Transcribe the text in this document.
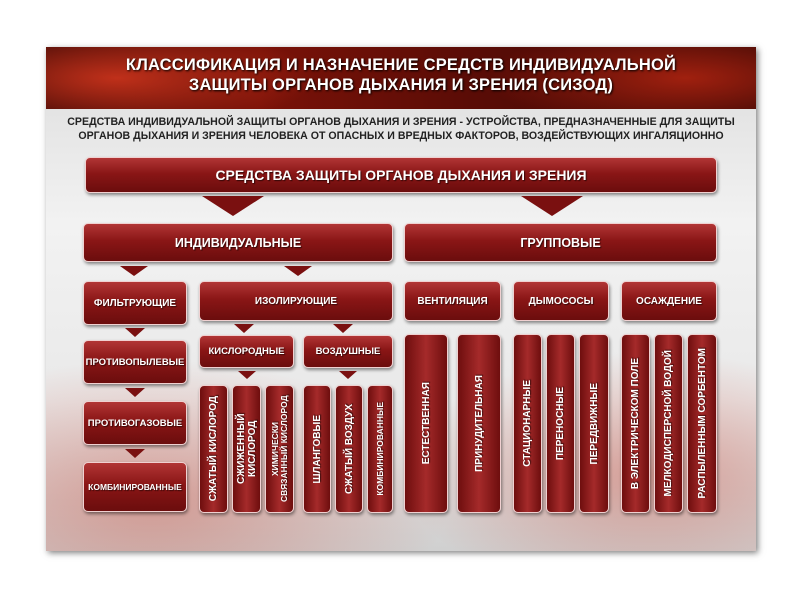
КЛАССИФИКАЦИЯ И НАЗНАЧЕНИЕ СРЕДСТВ ИНДИВИДУАЛЬНОЙ
ЗАЩИТЫ ОРГАНОВ ДЫХАНИЯ И ЗРЕНИЯ (СИЗОД)
СРЕДСТВА ИНДИВИДУАЛЬНОЙ ЗАЩИТЫ ОРГАНОВ ДЫХАНИЯ И ЗРЕНИЯ - УСТРОЙСТВА, ПРЕДНАЗНАЧЕННЫЕ ДЛЯ ЗАЩИТЫ
ОРГАНОВ ДЫХАНИЯ И ЗРЕНИЯ ЧЕЛОВЕКА ОТ ОПАСНЫХ И ВРЕДНЫХ ФАКТОРОВ, ВОЗДЕЙСТВУЮЩИХ ИНГАЛЯЦИОННО
СРЕДСТВА ЗАЩИТЫ ОРГАНОВ ДЫХАНИЯ И ЗРЕНИЯ
ИНДИВИДУАЛЬНЫЕ	ГРУППОВЫЕ
ФИЛЬТРУЮЩИЕ	ИЗОЛИРУЮЩИЕ	ВЕНТИЛЯЦИЯ	ДЫМОСОСЫ	ОСАЖДЕНИЕ
ПРОТИВОПЫЛЕВЫЕ
ПРОТИВОГАЗОВЫЕ
КОМБИНИРОВАННЫЕ
КИСЛОРОДНЫЕ	ВОЗДУШНЫЕ
СЖАТЫЙ КИСЛОРОД СЖИЖЕННЫЙ КИСЛОРОД ХИМИЧЕСКИ СВЯЗАННЫЙ КИСЛОРОД ШЛАНГОВЫЕ СЖАТЫЙ ВОЗДУХ КОМБИНИРОВАННЫЕ	ЕСТЕСТВЕННАЯ	ПРИНУДИТЕЛЬНАЯ	СТАЦИОНАРНЫЕ ПЕРЕНОСНЫЕ ПЕРЕДВИЖНЫЕ	В ЭЛЕКТРИЧЕСКОМ ПОЛЕ МЕЛКОДИСПЕРСНОЙ ВОДОЙ РАСПЫЛЕННЫМ СОРБЕНТОМ
